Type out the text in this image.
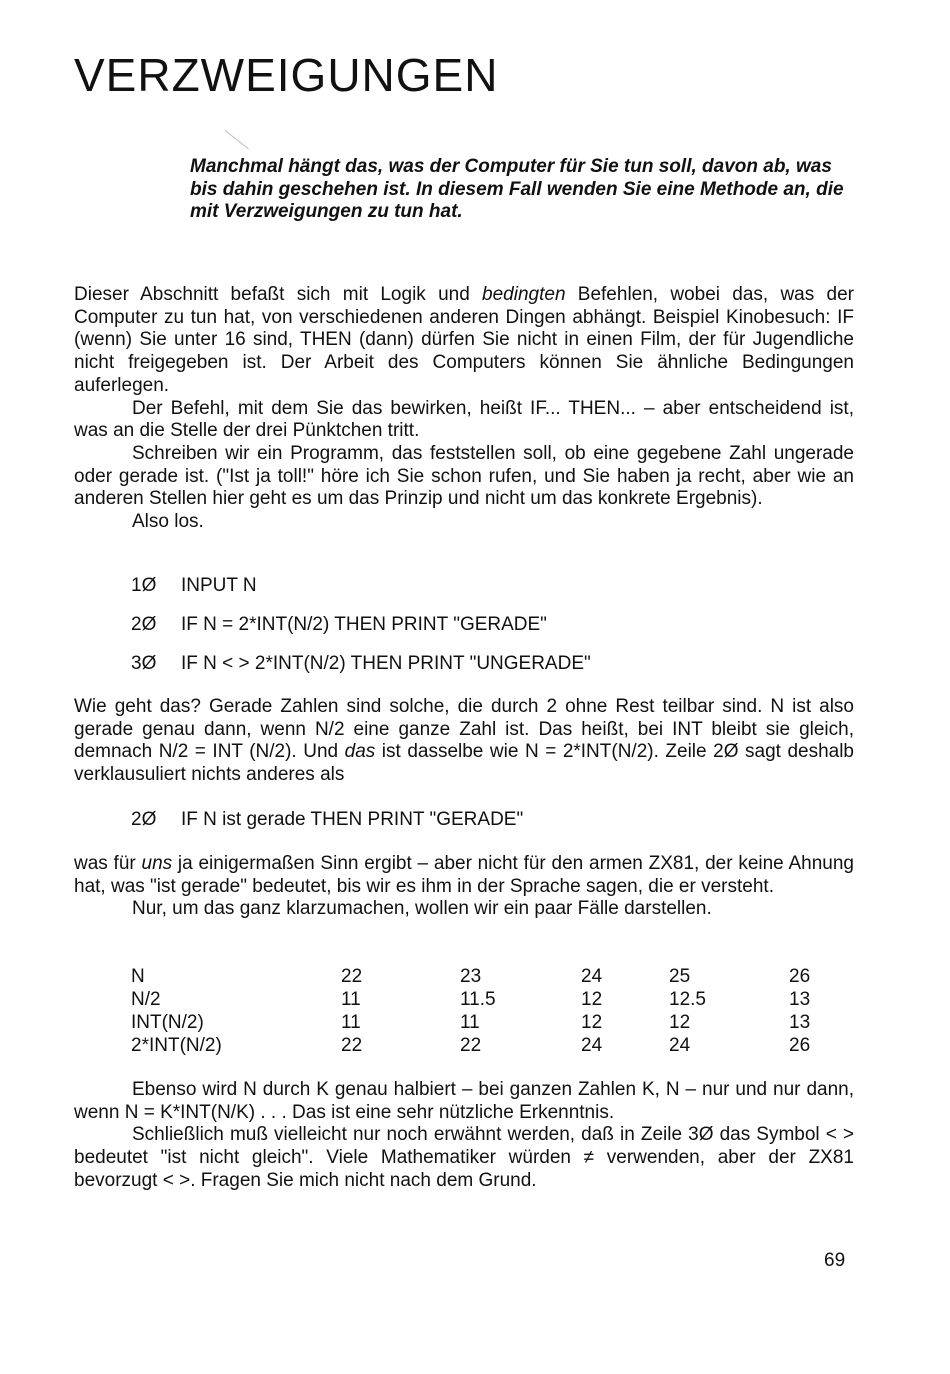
VERZWEIGUNGEN

Manchmal hängt das, was der Computer für Sie tun soll, davon ab, was bis dahin geschehen ist. In diesem Fall wenden Sie eine Methode an, die mit Verzweigungen zu tun hat.

Dieser Abschnitt befaßt sich mit Logik und bedingten Befehlen, wobei das, was der Computer zu tun hat, von verschiedenen anderen Dingen abhängt. Beispiel Kinobesuch: IF (wenn) Sie unter 16 sind, THEN (dann) dürfen Sie nicht in einen Film, der für Jugendliche nicht freigegeben ist. Der Arbeit des Computers können Sie ähnliche Bedingungen auferlegen.

Der Befehl, mit dem Sie das bewirken, heißt IF... THEN... – aber entscheidend ist, was an die Stelle der drei Pünktchen tritt.

Schreiben wir ein Programm, das feststellen soll, ob eine gegebene Zahl ungerade oder gerade ist. ("Ist ja toll!" höre ich Sie schon rufen, und Sie haben ja recht, aber wie an anderen Stellen hier geht es um das Prinzip und nicht um das konkrete Ergebnis).

Also los.

1Ø INPUT N
2Ø IF N = 2*INT(N/2) THEN PRINT "GERADE"
3Ø IF N < > 2*INT(N/2) THEN PRINT "UNGERADE"

Wie geht das? Gerade Zahlen sind solche, die durch 2 ohne Rest teilbar sind. N ist also gerade genau dann, wenn N/2 eine ganze Zahl ist. Das heißt, bei INT bleibt sie gleich, demnach N/2 = INT (N/2). Und das ist dasselbe wie N = 2*INT(N/2). Zeile 2Ø sagt deshalb verklausuliert nichts anderes als

2Ø IF N ist gerade THEN PRINT "GERADE"

was für uns ja einigermaßen Sinn ergibt – aber nicht für den armen ZX81, der keine Ahnung hat, was "ist gerade" bedeutet, bis wir es ihm in der Sprache sagen, die er versteht.

Nur, um das ganz klarzumachen, wollen wir ein paar Fälle darstellen.

N	22	23	24	25	26
N/2	11	11.5	12	12.5	13
INT(N/2)	11	11	12	12	13
2*INT(N/2)	22	22	24	24	26

Ebenso wird N durch K genau halbiert – bei ganzen Zahlen K, N – nur und nur dann, wenn N = K*INT(N/K) . . . Das ist eine sehr nützliche Erkenntnis.

Schließlich muß vielleicht nur noch erwähnt werden, daß in Zeile 3Ø das Symbol < > bedeutet "ist nicht gleich". Viele Mathematiker würden ≠ verwenden, aber der ZX81 bevorzugt < >. Fragen Sie mich nicht nach dem Grund.

69
